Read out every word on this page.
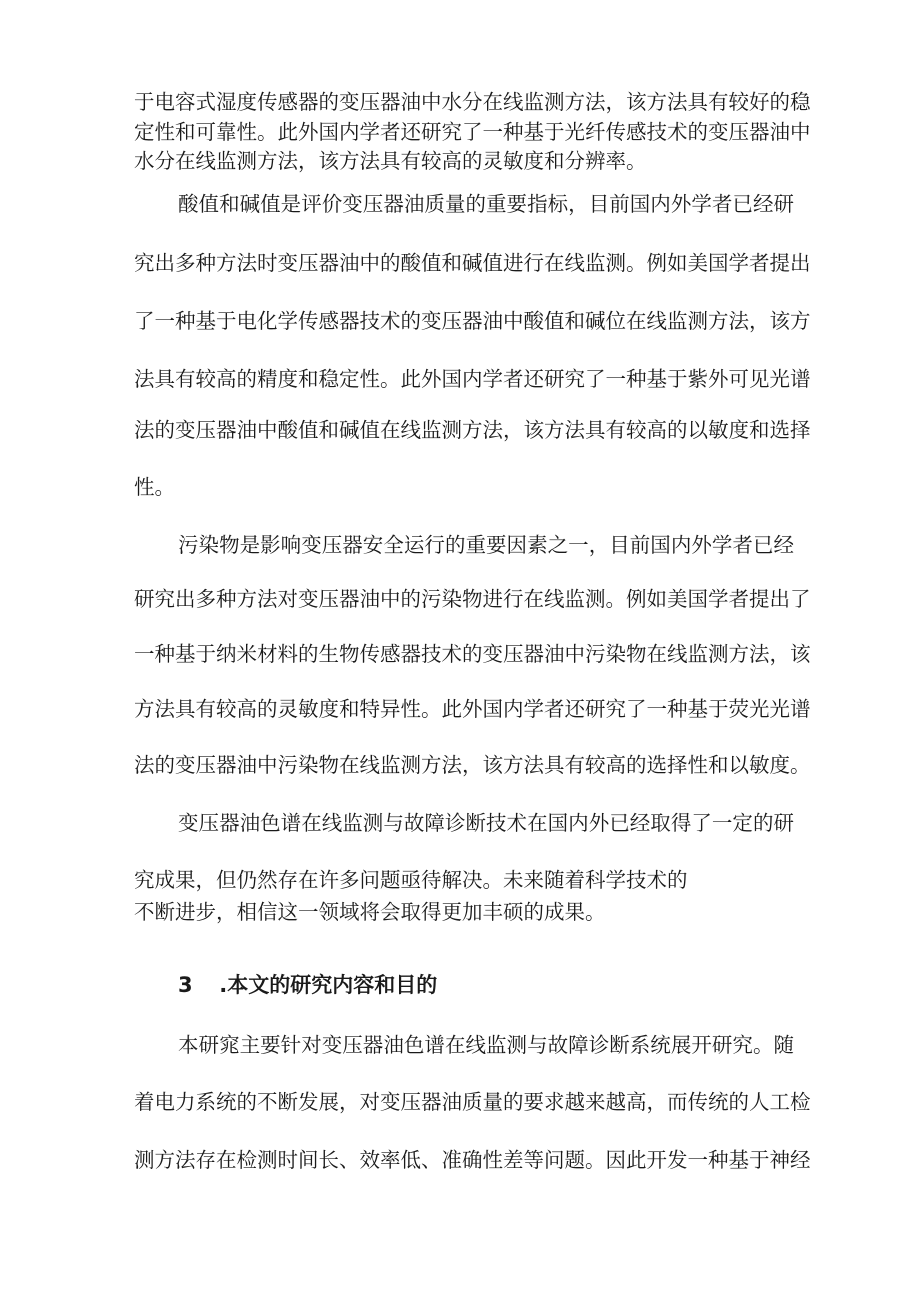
于电容式湿度传感器的变压器油中水分在线监测方法，该方法具有较好的稳
定性和可靠性。此外国内学者还研究了一种基于光纤传感技术的变压器油中
水分在线监测方法，该方法具有较高的灵敏度和分辨率。
酸值和碱值是评价变压器油质量的重要指标，目前国内外学者已经研
究出多种方法时变压器油中的酸值和碱值进行在线监测。例如美国学者提出
了一种基于电化学传感器技术的变压器油中酸值和碱位在线监测方法，该方
法具有较高的精度和稳定性。此外国内学者还研究了一种基于紫外可见光谱
法的变压器油中酸值和碱值在线监测方法，该方法具有较高的以敏度和选择
性。
污染物是影响变压器安全运行的重要因素之一，目前国内外学者已经
研究出多种方法对变压器油中的污染物进行在线监测。例如美国学者提出了
一种基于纳米材料的生物传感器技术的变压器油中污染物在线监测方法，该
方法具有较高的灵敏度和特异性。此外国内学者还研究了一种基于荧光光谱
法的变压器油中污染物在线监测方法，该方法具有较高的选择性和以敏度。
变压器油色谱在线监测与故障诊断技术在国内外已经取得了一定的研
究成果，但仍然存在许多问题亟待解决。未来随着科学技术的
不断进步，相信这一领域将会取得更加丰硕的成果。
3 .本文的研究内容和目的
本研窕主要针对变压器油色谱在线监测与故障诊断系统展开研究。随
着电力系统的不断发展，对变压器油质量的要求越来越高，而传统的人工检
测方法存在检测时间长、效率低、准确性差等问题。因此开发一种基于神经
